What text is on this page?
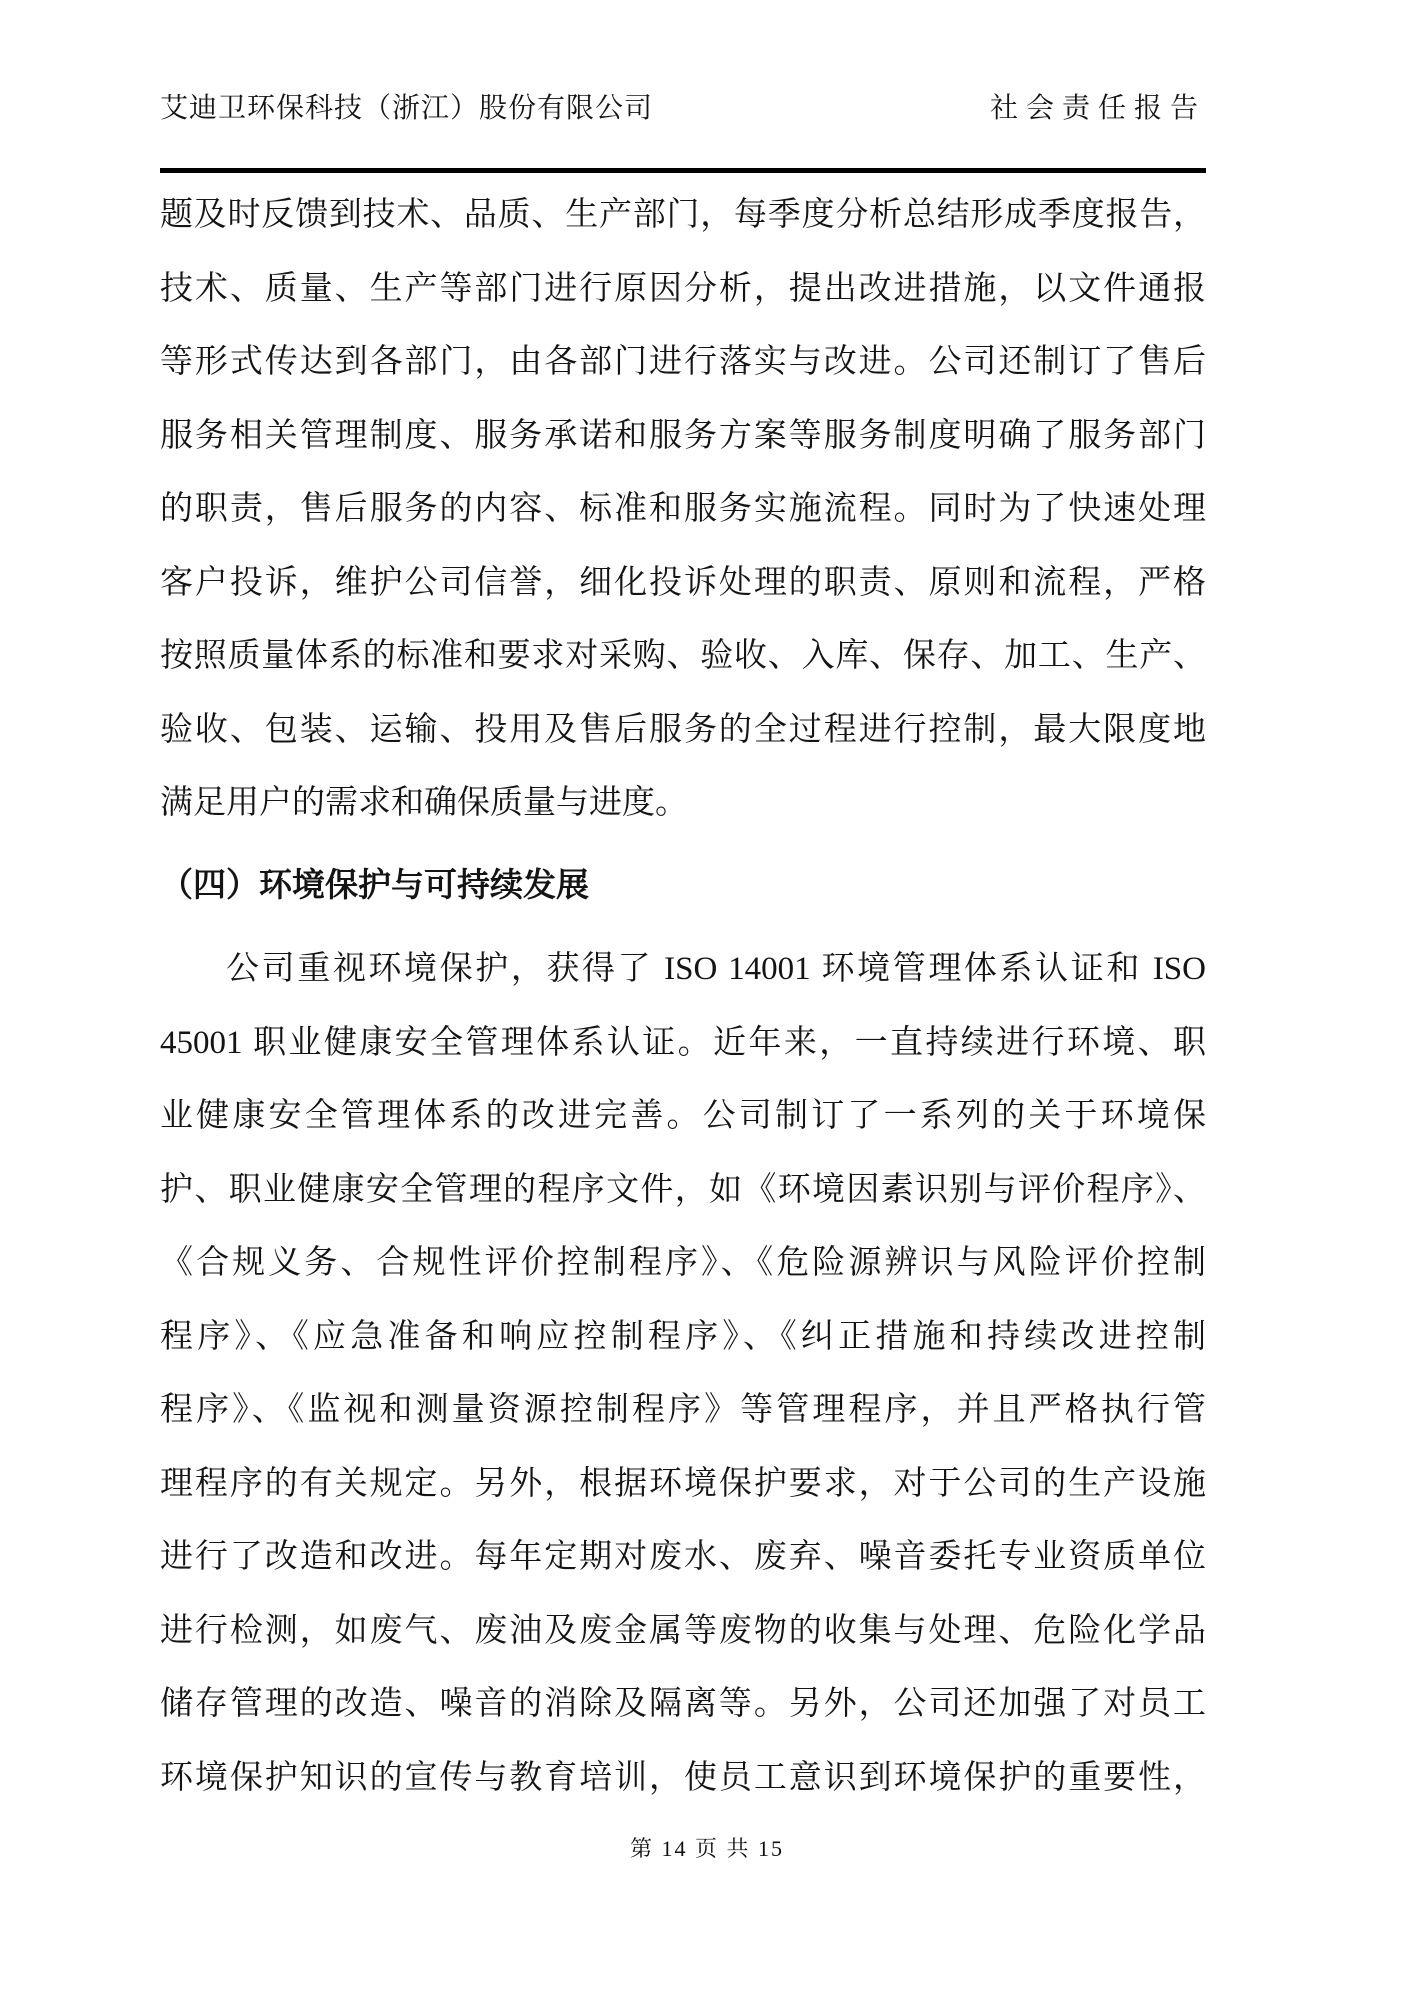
艾迪卫环保科技（浙江）股份有限公司	社会责任报告
题及时反馈到技术、品质、生产部门，每季度分析总结形成季度报告，
技术、质量、生产等部门进行原因分析，提出改进措施，以文件通报
等形式传达到各部门，由各部门进行落实与改进。公司还制订了售后
服务相关管理制度、服务承诺和服务方案等服务制度明确了服务部门
的职责，售后服务的内容、标准和服务实施流程。同时为了快速处理
客户投诉，维护公司信誉，细化投诉处理的职责、原则和流程，严格
按照质量体系的标准和要求对采购、验收、入库、保存、加工、生产、
验收、包装、运输、投用及售后服务的全过程进行控制，最大限度地
满足用户的需求和确保质量与进度。
（四）环境保护与可持续发展
公司重视环境保护，获得了 ISO 14001 环境管理体系认证和 ISO
45001 职业健康安全管理体系认证。近年来，一直持续进行环境、职
业健康安全管理体系的改进完善。公司制订了一系列的关于环境保
护、职业健康安全管理的程序文件，如《环境因素识别与评价程序》、
《合规义务、合规性评价控制程序》、《危险源辨识与风险评价控制
程序》、《应急准备和响应控制程序》、《纠正措施和持续改进控制
程序》、《监视和测量资源控制程序》等管理程序，并且严格执行管
理程序的有关规定。另外，根据环境保护要求，对于公司的生产设施
进行了改造和改进。每年定期对废水、废弃、噪音委托专业资质单位
进行检测，如废气、废油及废金属等废物的收集与处理、危险化学品
储存管理的改造、噪音的消除及隔离等。另外，公司还加强了对员工
环境保护知识的宣传与教育培训，使员工意识到环境保护的重要性，
第 14 页 共 15
